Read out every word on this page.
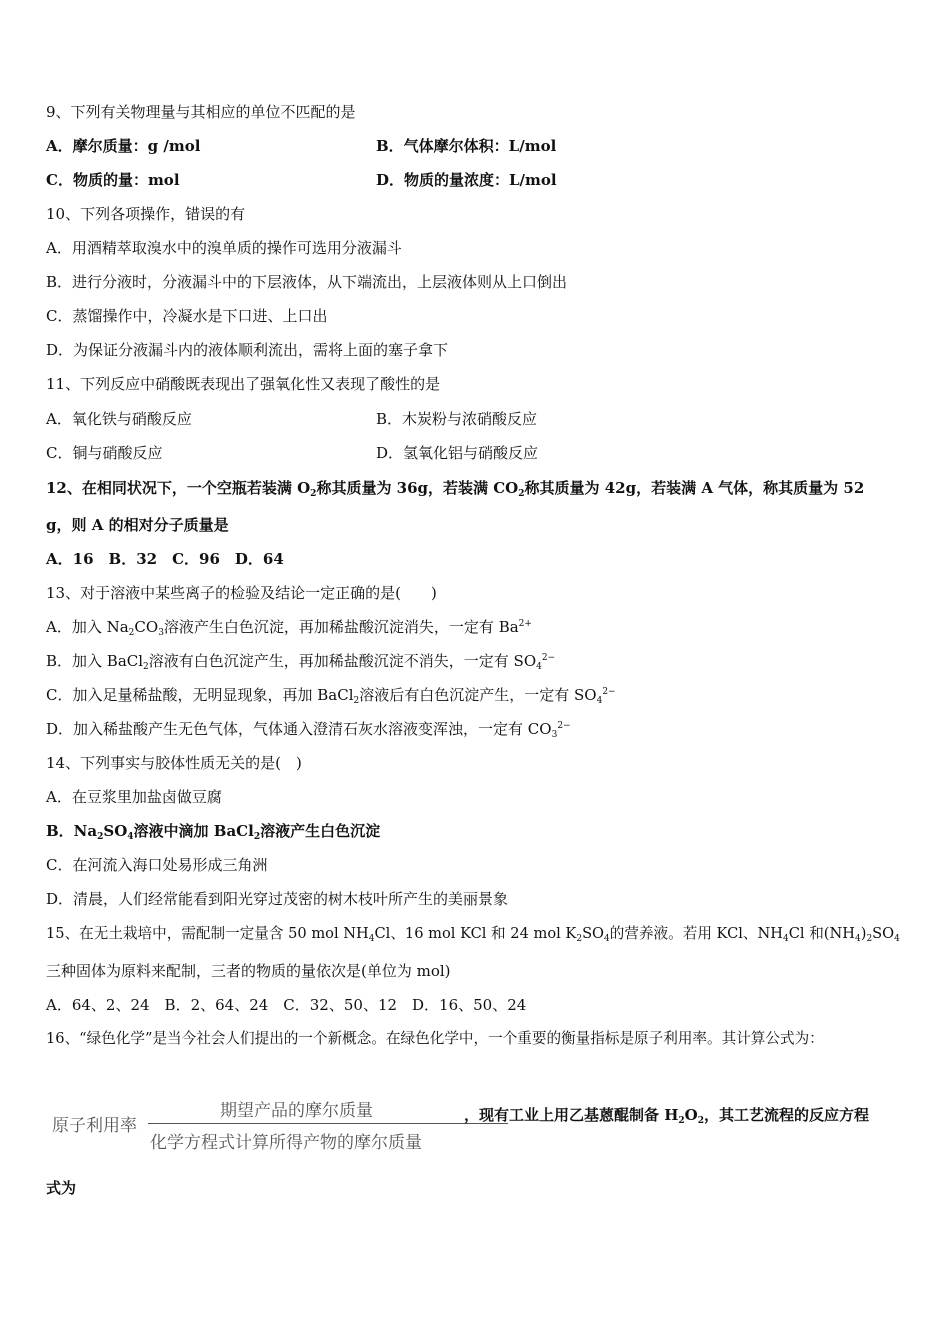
9、下列有关物理量与其相应的单位不匹配的是
A．摩尔质量：g /mol	B．气体摩尔体积：L/mol
C．物质的量：mol	D．物质的量浓度：L/mol
10、下列各项操作，错误的有
A．用酒精萃取溴水中的溴单质的操作可选用分液漏斗
B．进行分液时，分液漏斗中的下层液体，从下端流出，上层液体则从上口倒出
C．蒸馏操作中，冷凝水是下口进、上口出
D．为保证分液漏斗内的液体顺利流出，需将上面的塞子拿下
11、下列反应中硝酸既表现出了强氧化性又表现了酸性的是
A．氧化铁与硝酸反应	B．木炭粉与浓硝酸反应
C．铜与硝酸反应	D．氢氧化铝与硝酸反应
12、在相同状况下，一个空瓶若装满 $O_2$称其质量为 36g，若装满 $CO_2$称其质量为 42g，若装满 A 气体，称其质量为 52
g，则 A 的相对分子质量是
A．16　B．32　C．96　D．64
13、对于溶液中某些离子的检验及结论一定正确的是(　　)
A．加入 $Na_2CO_3$溶液产生白色沉淀，再加稀盐酸沉淀消失，一定有 $Ba^{2+}$
B．加入 BaCl$_2$溶液有白色沉淀产生，再加稀盐酸沉淀不消失，一定有 $SO_4^{2-}$
C．加入足量稀盐酸，无明显现象，再加 BaCl$_2$溶液后有白色沉淀产生，一定有 $SO_4^{2-}$
D．加入稀盐酸产生无色气体，气体通入澄清石灰水溶液变浑浊，一定有 $CO_3^{2-}$
14、下列事实与胶体性质无关的是(　)
A．在豆浆里加盐卤做豆腐
B．$Na_2SO_4$溶液中滴加 BaCl$_2$溶液产生白色沉淀
C．在河流入海口处易形成三角洲
D．清晨，人们经常能看到阳光穿过茂密的树木枝叶所产生的美丽景象
15、在无土栽培中，需配制一定量含 50 mol $NH_4Cl$、16 mol KCl 和 24 mol $K_2SO_4$的营养液。若用 KCl、$NH_4Cl$ 和$(NH_4)_2SO_4$
三种固体为原料来配制，三者的物质的量依次是(单位为 mol)
A．64、2、24　B．2、64、24　C．32、50、12　D．16、50、24
16、“绿色化学”是当今社会人们提出的一个新概念。在绿色化学中，一个重要的衡量指标是原子利用率。其计算公式为：
原子利用率
期望产品的摩尔质量
化学方程式计算所得产物的摩尔质量
，现有工业上用乙基蒽醌制备 $H_2O_2$，其工艺流程的反应方程
式为
